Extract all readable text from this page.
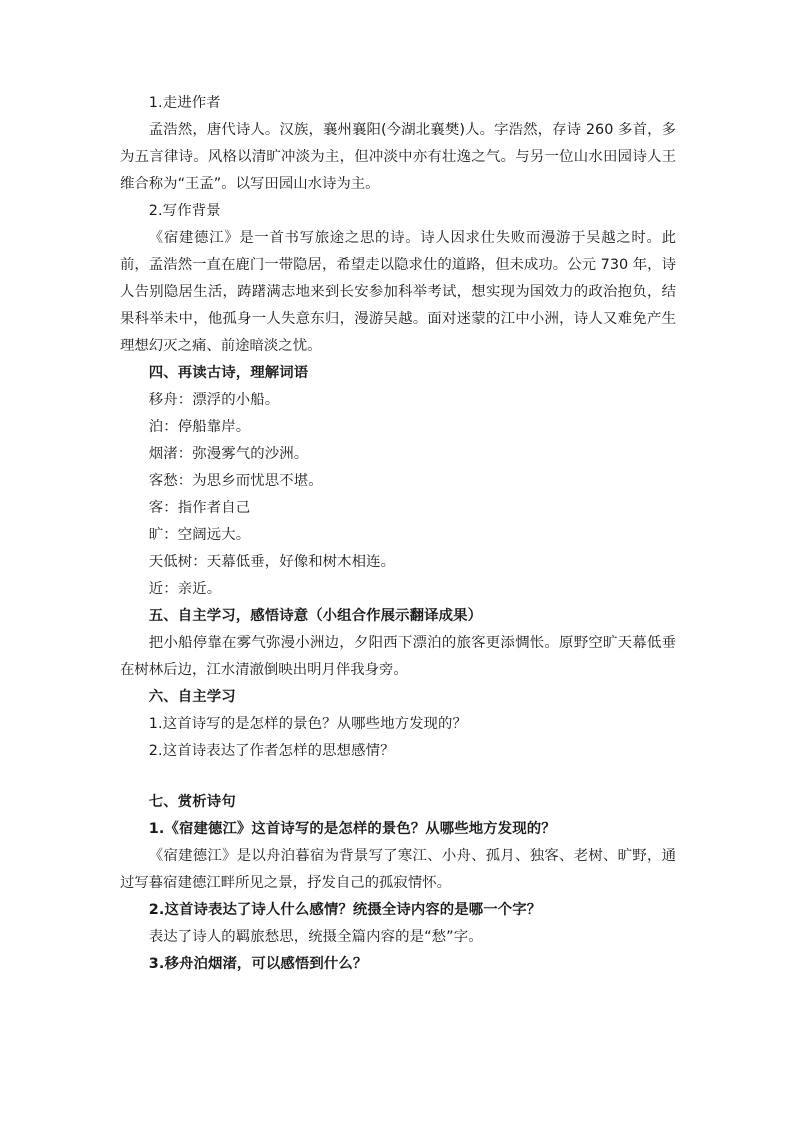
1.走进作者

孟浩然，唐代诗人。汉族，襄州襄阳(今湖北襄樊)人。字浩然，存诗 260 多首，多为五言律诗。风格以清旷冲淡为主，但冲淡中亦有壮逸之气。与另一位山水田园诗人王维合称为“王孟”。以写田园山水诗为主。

2.写作背景

《宿建德江》是一首书写旅途之思的诗。诗人因求仕失败而漫游于吴越之时。此前，孟浩然一直在鹿门一带隐居，希望走以隐求仕的道路，但未成功。公元 730 年，诗人告别隐居生活，踌躇满志地来到长安参加科举考试，想实现为国效力的政治抱负，结果科举未中，他孤身一人失意东归，漫游吴越。面对迷蒙的江中小洲，诗人又难免产生理想幻灭之痛、前途暗淡之忧。

四、再读古诗，理解词语
移舟：漂浮的小船。
泊：停船靠岸。
烟渚：弥漫雾气的沙洲。
客愁：为思乡而忧思不堪。
客：指作者自己
旷：空阔远大。
天低树：天幕低垂，好像和树木相连。
近：亲近。
五、自主学习，感悟诗意（小组合作展示翻译成果）

把小船停靠在雾气弥漫小洲边，夕阳西下漂泊的旅客更添惆怅。原野空旷天幕低垂在树林后边，江水清澈倒映出明月伴我身旁。

六、自主学习
1.这首诗写的是怎样的景色？从哪些地方发现的？
2.这首诗表达了作者怎样的思想感情？
七、赏析诗句
1.《宿建德江》这首诗写的是怎样的景色？从哪些地方发现的？

《宿建德江》是以舟泊暮宿为背景写了寒江、小舟、孤月、独客、老树、旷野，通过写暮宿建德江畔所见之景，抒发自己的孤寂情怀。

2.这首诗表达了诗人什么感情？统摄全诗内容的是哪一个字？
表达了诗人的羁旅愁思，统摄全篇内容的是“愁”字。
3.移舟泊烟渚，可以感悟到什么？
